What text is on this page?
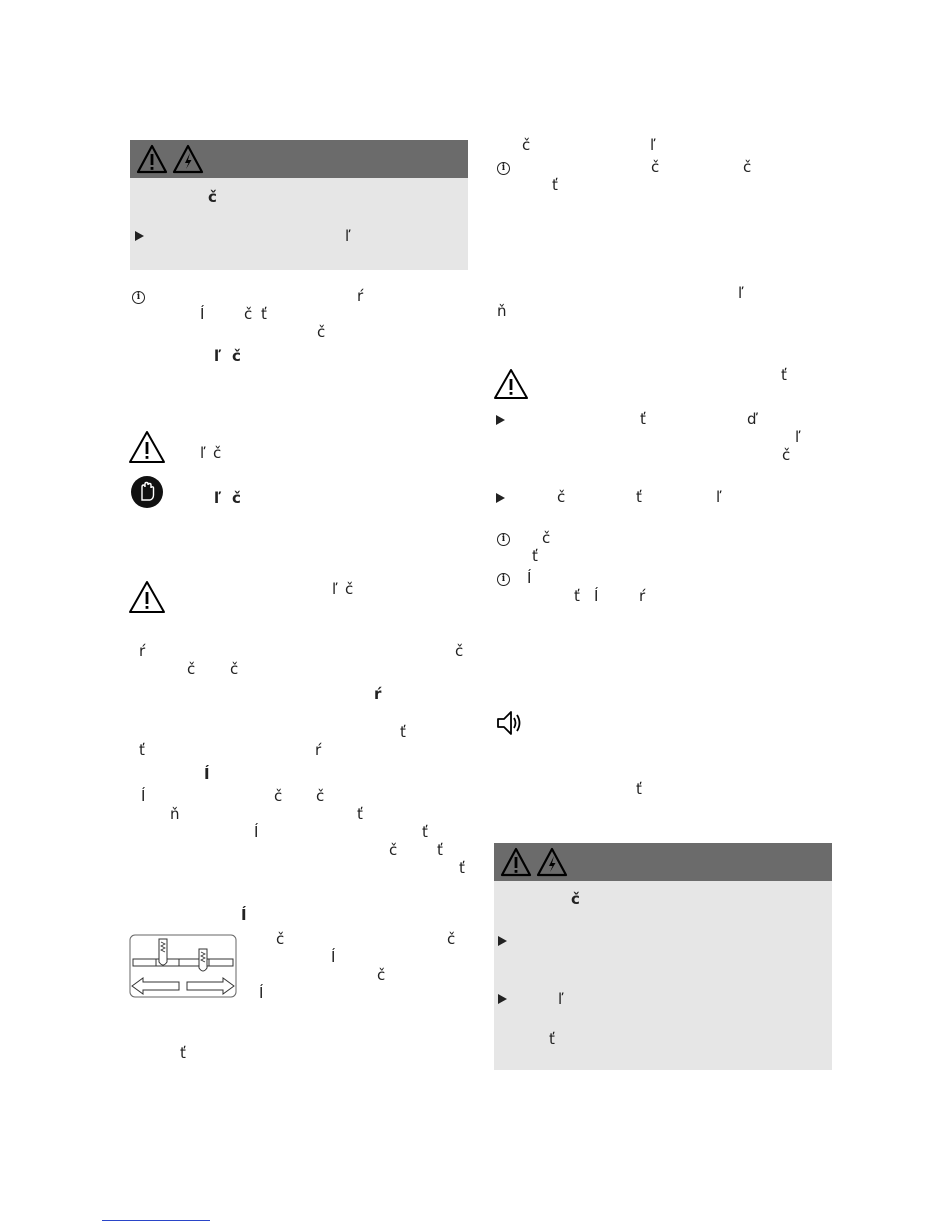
č
ľ
i	ŕ
Í	č ť
č
ľ č
ľ č
ľ č
ľ č
ŕ	č
č č
ŕ
ť
ť	ŕ
Í
Í	č č
ň	ť
Í	ť
č	ť
ť
Í
č	č
Í
č
Í
ť
č	ľ
i	č	č
ť
ľ
ň
ť
ť	ď
ľ
č
č	ť	ľ
i	č
ť
i	Í
ť Í	ŕ
ť
č
ľ
ť
